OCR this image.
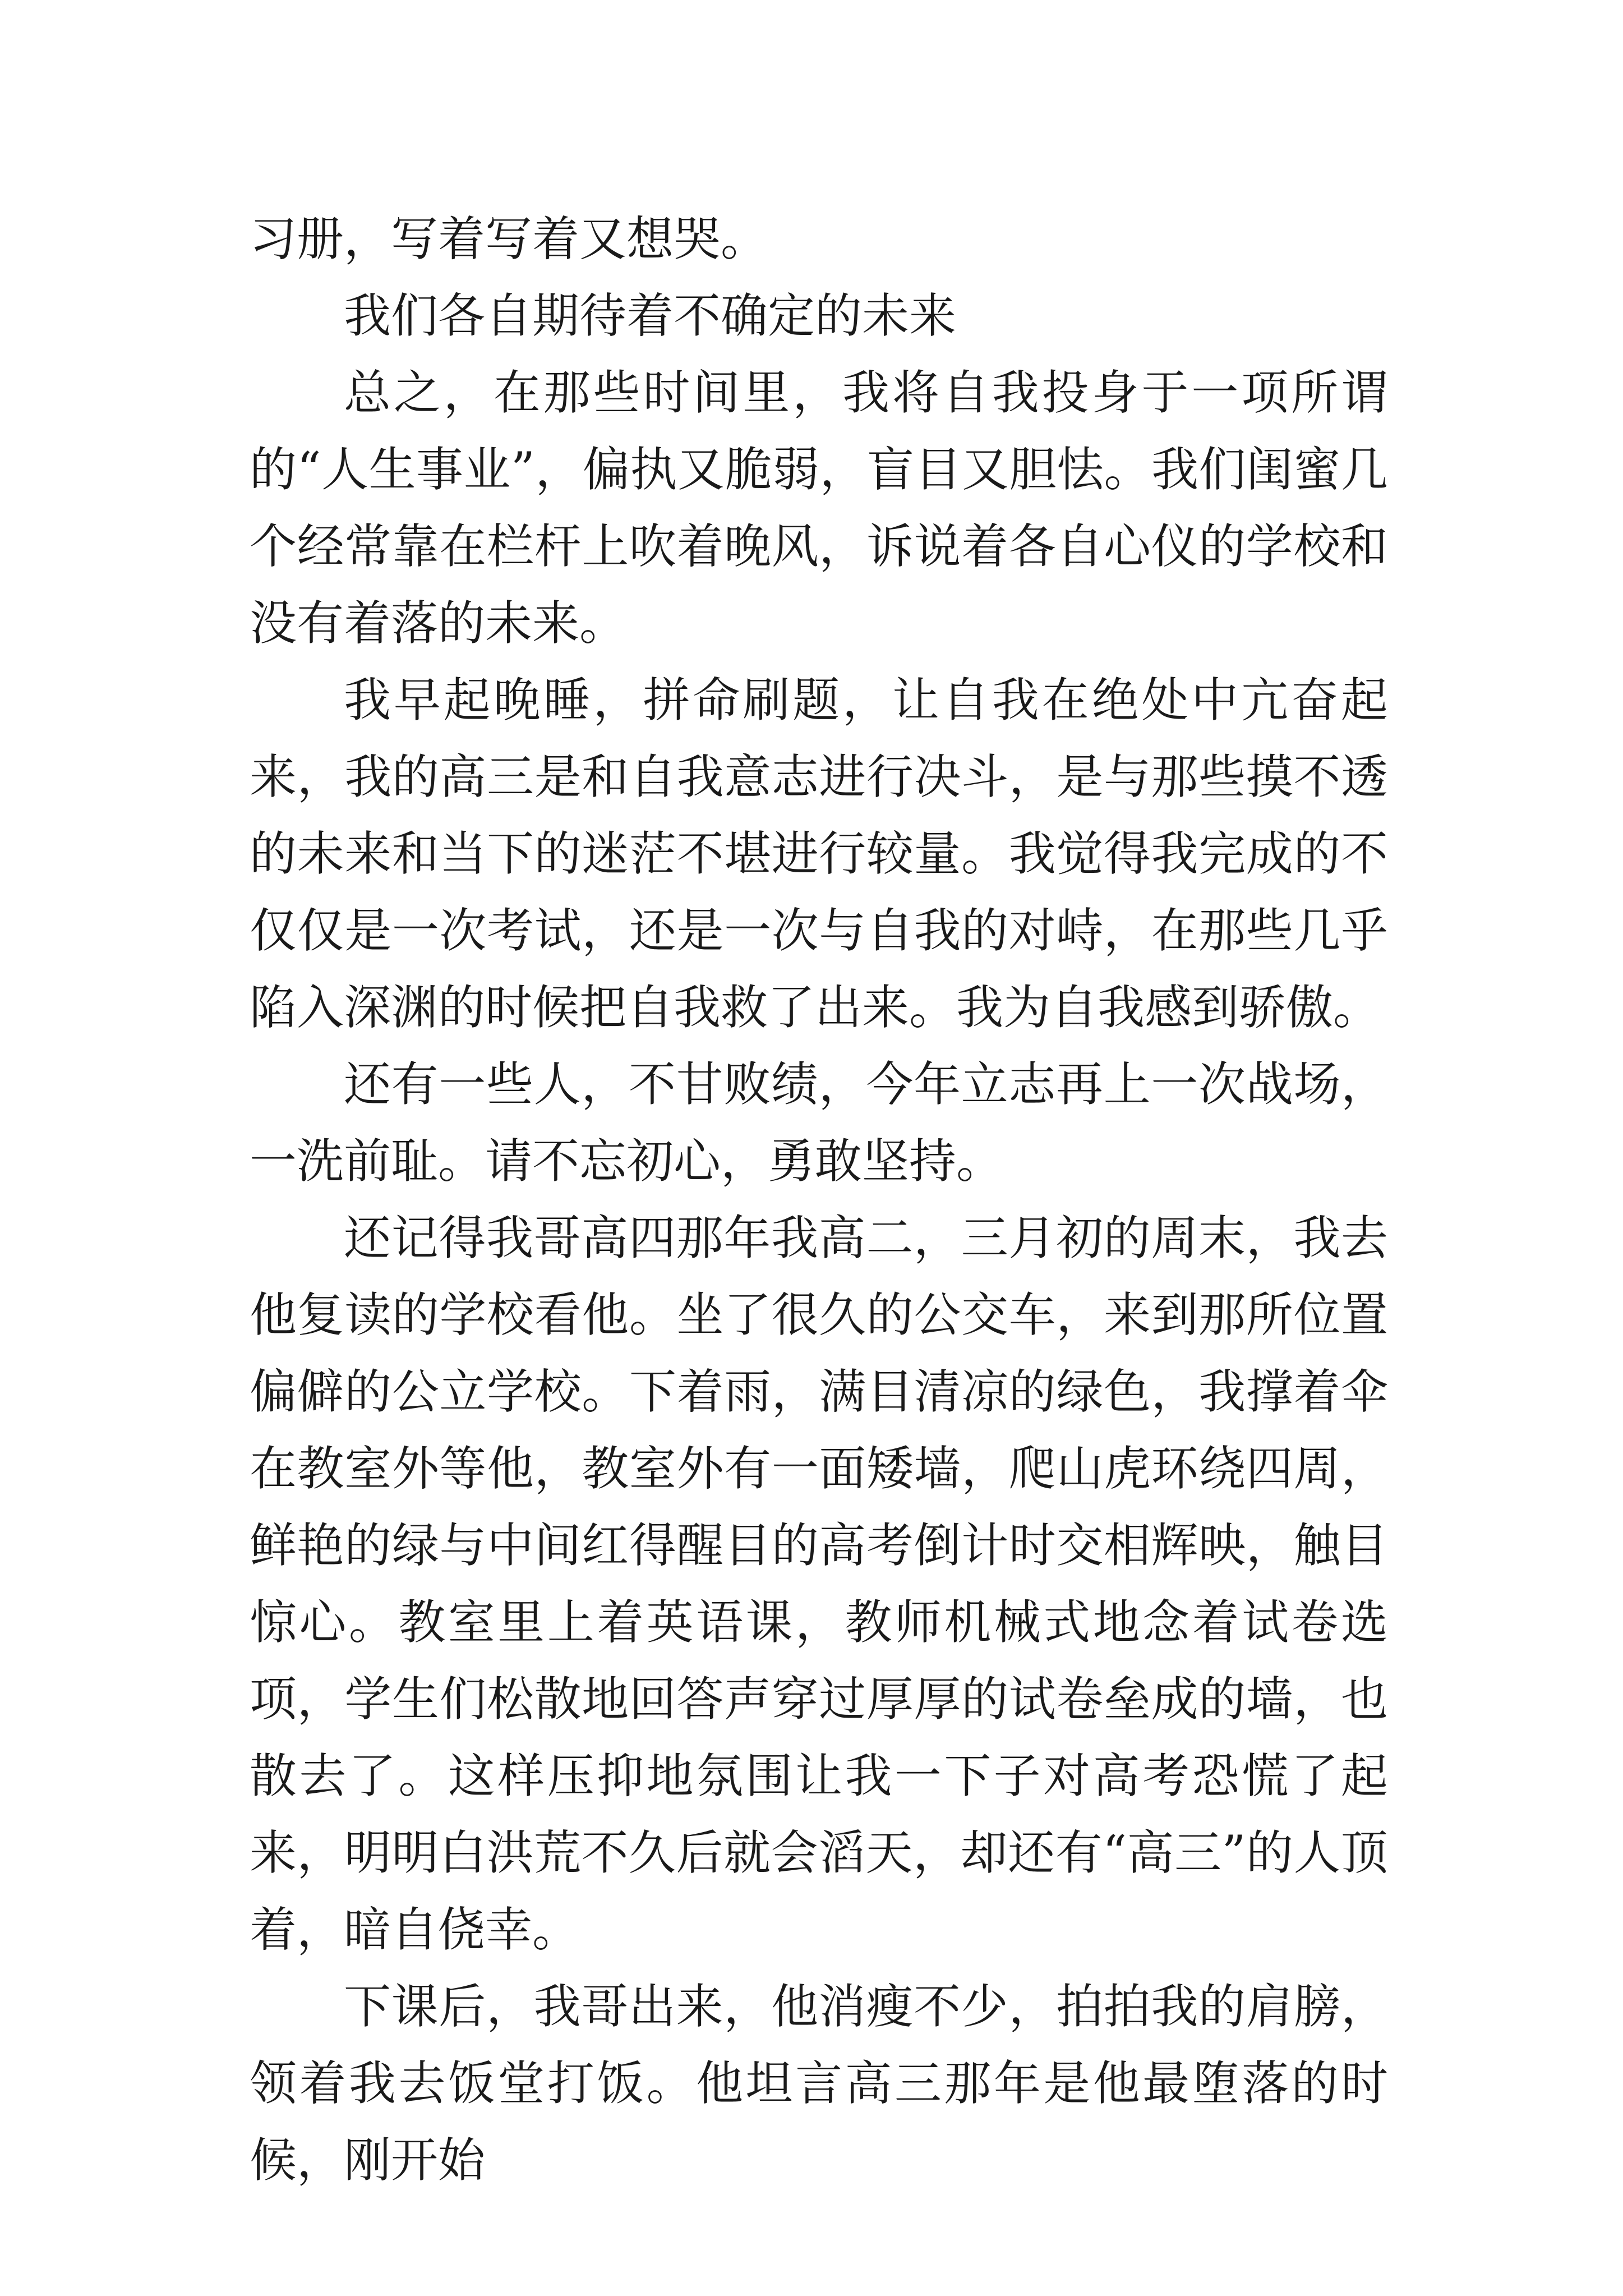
习册，写着写着又想哭。

我们各自期待着不确定的未来

总之，在那些时间里，我将自我投身于一项所谓的“人生事业”，偏执又脆弱，盲目又胆怯。我们闺蜜几个经常靠在栏杆上吹着晚风，诉说着各自心仪的学校和没有着落的未来。

我早起晚睡，拼命刷题，让自我在绝处中亢奋起来，我的高三是和自我意志进行决斗，是与那些摸不透的未来和当下的迷茫不堪进行较量。我觉得我完成的不仅仅是一次考试，还是一次与自我的对峙，在那些几乎陷入深渊的时候把自我救了出来。我为自我感到骄傲。

还有一些人，不甘败绩，今年立志再上一次战场，一洗前耻。请不忘初心，勇敢坚持。

还记得我哥高四那年我高二，三月初的周末，我去他复读的学校看他。坐了很久的公交车，来到那所位置偏僻的公立学校。下着雨，满目清凉的绿色，我撑着伞在教室外等他，教室外有一面矮墙，爬山虎环绕四周，鲜艳的绿与中间红得醒目的高考倒计时交相辉映，触目惊心。教室里上着英语课，教师机械式地念着试卷选项，学生们松散地回答声穿过厚厚的试卷垒成的墙，也散去了。这样压抑地氛围让我一下子对高考恐慌了起来，明明白洪荒不久后就会滔天，却还有“高三”的人顶着，暗自侥幸。

下课后，我哥出来，他消瘦不少，拍拍我的肩膀，领着我去饭堂打饭。他坦言高三那年是他最堕落的时候，刚开始
